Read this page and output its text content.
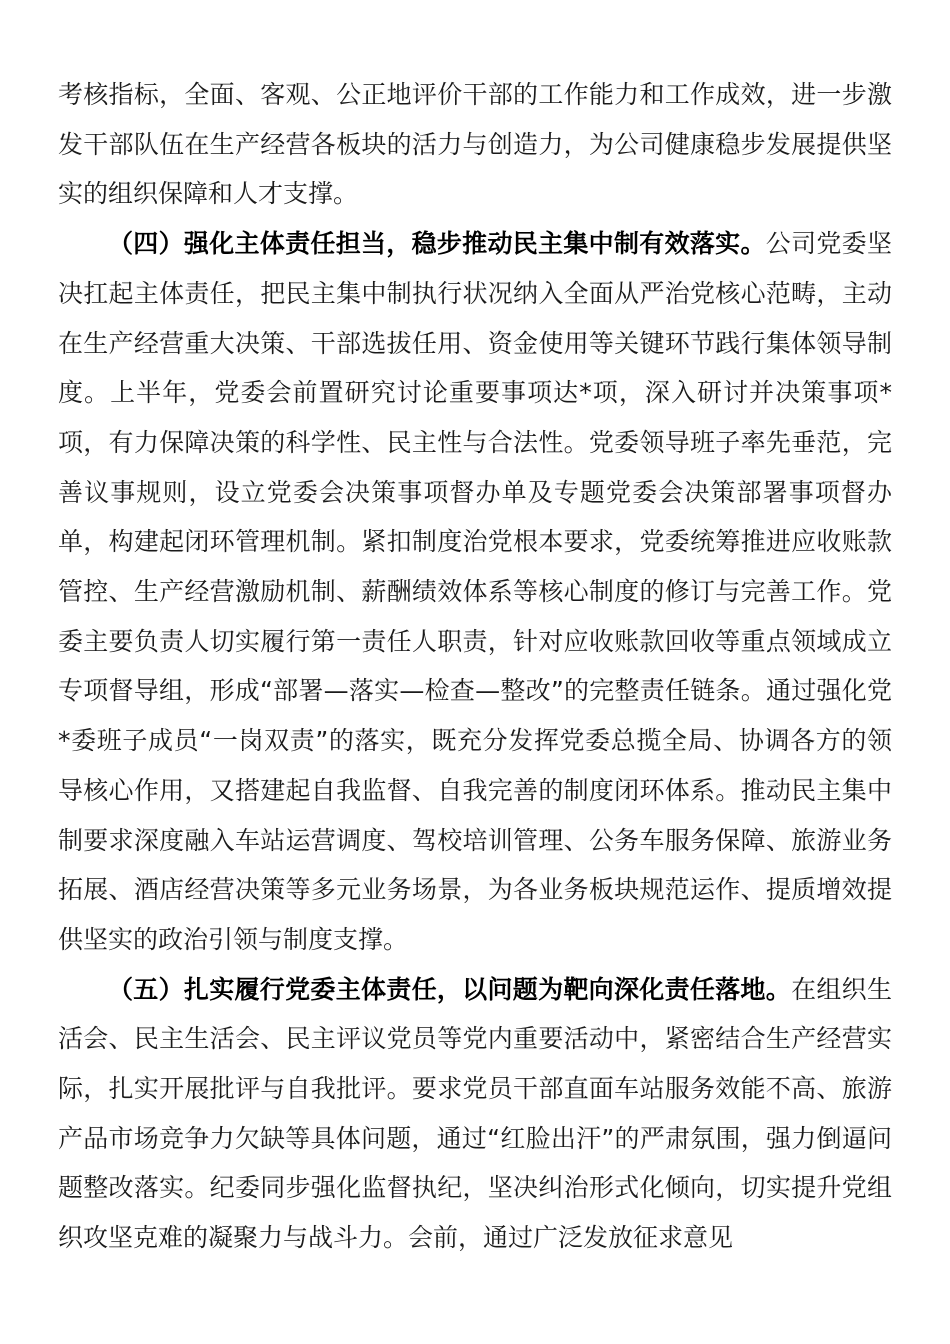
考核指标，全面、客观、公正地评价干部的工作能力和工作成效，进一步激发干部队伍在生产经营各板块的活力与创造力，为公司健康稳步发展提供坚实的组织保障和人才支撑。

（四）强化主体责任担当，稳步推动民主集中制有效落实。公司党委坚决扛起主体责任，把民主集中制执行状况纳入全面从严治党核心范畴，主动在生产经营重大决策、干部选拔任用、资金使用等关键环节践行集体领导制度。上半年，党委会前置研究讨论重要事项达*项，深入研讨并决策事项*项，有力保障决策的科学性、民主性与合法性。党委领导班子率先垂范，完善议事规则，设立党委会决策事项督办单及专题党委会决策部署事项督办单，构建起闭环管理机制。紧扣制度治党根本要求，党委统筹推进应收账款管控、生产经营激励机制、薪酬绩效体系等核心制度的修订与完善工作。党委主要负责人切实履行第一责任人职责，针对应收账款回收等重点领域成立专项督导组，形成“部署—落实—检查—整改”的完整责任链条。通过强化党*委班子成员“一岗双责”的落实，既充分发挥党委总揽全局、协调各方的领导核心作用，又搭建起自我监督、自我完善的制度闭环体系。推动民主集中制要求深度融入车站运营调度、驾校培训管理、公务车服务保障、旅游业务拓展、酒店经营决策等多元业务场景，为各业务板块规范运作、提质增效提供坚实的政治引领与制度支撑。

（五）扎实履行党委主体责任，以问题为靶向深化责任落地。在组织生活会、民主生活会、民主评议党员等党内重要活动中，紧密结合生产经营实际，扎实开展批评与自我批评。要求党员干部直面车站服务效能不高、旅游产品市场竞争力欠缺等具体问题，通过“红脸出汗”的严肃氛围，强力倒逼问题整改落实。纪委同步强化监督执纪，坚决纠治形式化倾向，切实提升党组织攻坚克难的凝聚力与战斗力。会前，通过广泛发放征求意见
